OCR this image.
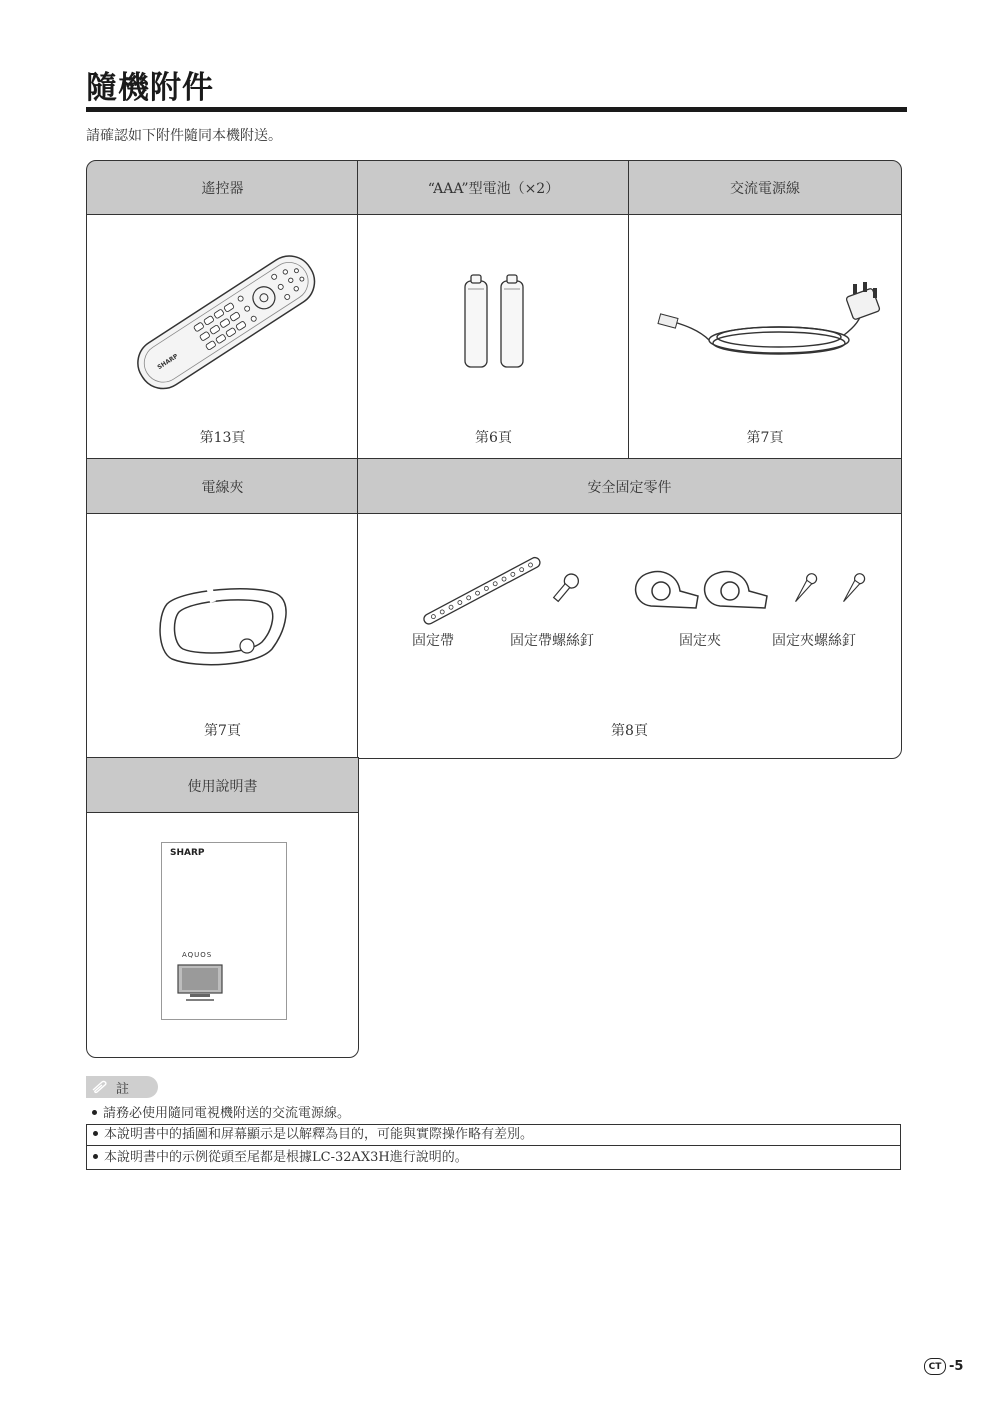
隨機附件
請確認如下附件隨同本機附送。
遙控器	“AAA”型電池（×2）	交流電源線
SHARP
第13頁	第6頁	第7頁
電線夾	安全固定零件
第7頁
固定帶	固定帶螺絲釘	固定夾	固定夾螺絲釘
第8頁
使用說明書
SHARP
AQUOS
註
請務必使用隨同電視機附送的交流電源線。
本說明書中的插圖和屏幕顯示是以解釋為目的，可能與實際操作略有差別。
本說明書中的示例從頭至尾都是根據LC-32AX3H進行說明的。
CT -5
